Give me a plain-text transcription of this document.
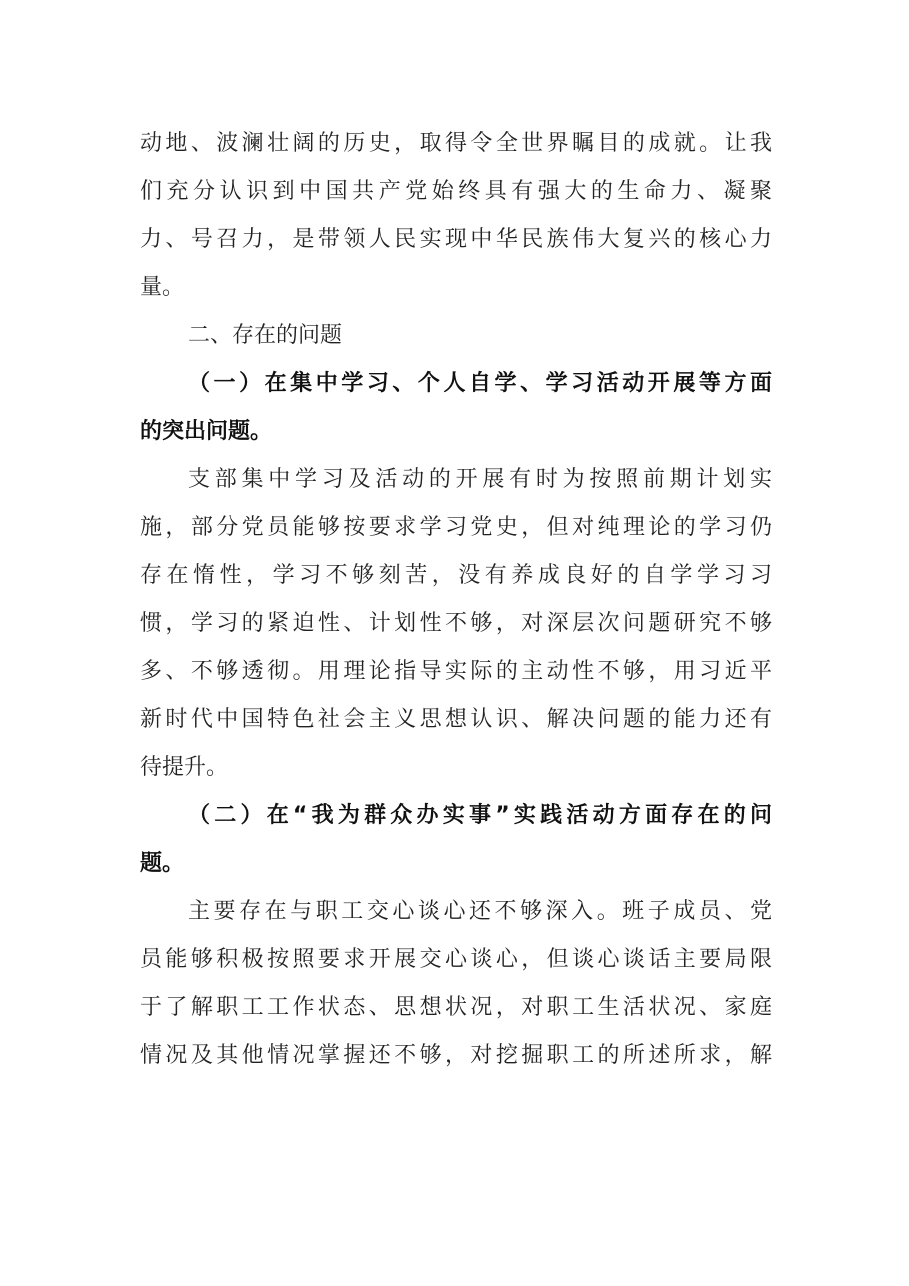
动地、波澜壮阔的历史，取得令全世界瞩目的成就。让我
们充分认识到中国共产党始终具有强大的生命力、凝聚
力、号召力，是带领人民实现中华民族伟大复兴的核心力
量。
二、存在的问题
（一）在集中学习、个人自学、学习活动开展等方面
的突出问题。
支部集中学习及活动的开展有时为按照前期计划实
施，部分党员能够按要求学习党史，但对纯理论的学习仍
存在惰性，学习不够刻苦，没有养成良好的自学学习习
惯，学习的紧迫性、计划性不够，对深层次问题研究不够
多、不够透彻。用理论指导实际的主动性不够，用习近平
新时代中国特色社会主义思想认识、解决问题的能力还有
待提升。
（二）在“我为群众办实事”实践活动方面存在的问
题。
主要存在与职工交心谈心还不够深入。班子成员、党
员能够积极按照要求开展交心谈心，但谈心谈话主要局限
于了解职工工作状态、思想状况，对职工生活状况、家庭
情况及其他情况掌握还不够，对挖掘职工的所述所求，解
